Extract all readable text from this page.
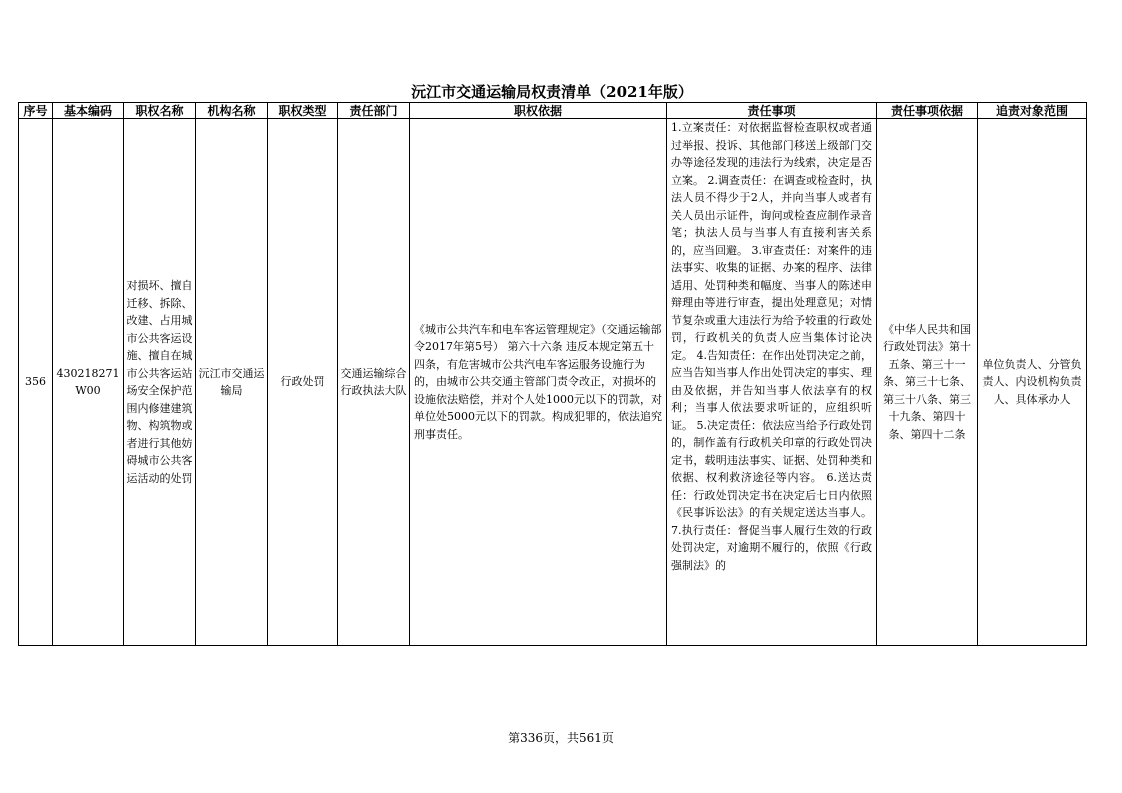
沅江市交通运输局权责清单（2021年版）
序号	基本编码	职权名称	机构名称	职权类型	责任部门	职权依据	责任事项	责任事项依据	追责对象范围
356	430218271W00	对损坏、擅自迁移、拆除、改建、占用城市公共客运设施、擅自在城市公共客运站场安全保护范围内修建建筑物、构筑物或者进行其他妨碍城市公共客运活动的处罚	沅江市交通运输局	行政处罚	交通运输综合行政执法大队	《城市公共汽车和电车客运管理规定》（交通运输部令2017年第5号） 第六十六条 违反本规定第五十四条，有危害城市公共汽电车客运服务设施行为的，由城市公共交通主管部门责令改正，对损坏的设施依法赔偿，并对个人处1000元以下的罚款，对单位处5000元以下的罚款。构成犯罪的，依法追究刑事责任。	1.立案责任：对依据监督检查职权或者通过举报、投诉、其他部门移送上级部门交办等途径发现的违法行为线索，决定是否立案。 2.调查责任：在调查或检查时，执法人员不得少于2人，并向当事人或者有关人员出示证件，询问或检查应制作录音笔；执法人员与当事人有直接利害关系的，应当回避。 3.审查责任：对案件的违法事实、收集的证据、办案的程序、法律适用、处罚种类和幅度、当事人的陈述申辩理由等进行审查，提出处理意见；对情节复杂或重大违法行为给予较重的行政处罚，行政机关的负责人应当集体讨论决定。 4.告知责任：在作出处罚决定之前，应当告知当事人作出处罚决定的事实、理由及依据，并告知当事人依法享有的权利；当事人依法要求听证的，应组织听证。 5.决定责任：依法应当给予行政处罚的，制作盖有行政机关印章的行政处罚决定书，载明违法事实、证据、处罚种类和依据、权利救济途径等内容。 6.送达责任：行政处罚决定书在决定后七日内依照《民事诉讼法》的有关规定送达当事人。 7.执行责任：督促当事人履行生效的行政处罚决定，对逾期不履行的，依照《行政强制法》的	《中华人民共和国行政处罚法》第十五条、第三十一条、第三十七条、第三十八条、第三十九条、第四十条、第四十二条	单位负责人、分管负责人、内设机构负责人、具体承办人
第336页，共561页
